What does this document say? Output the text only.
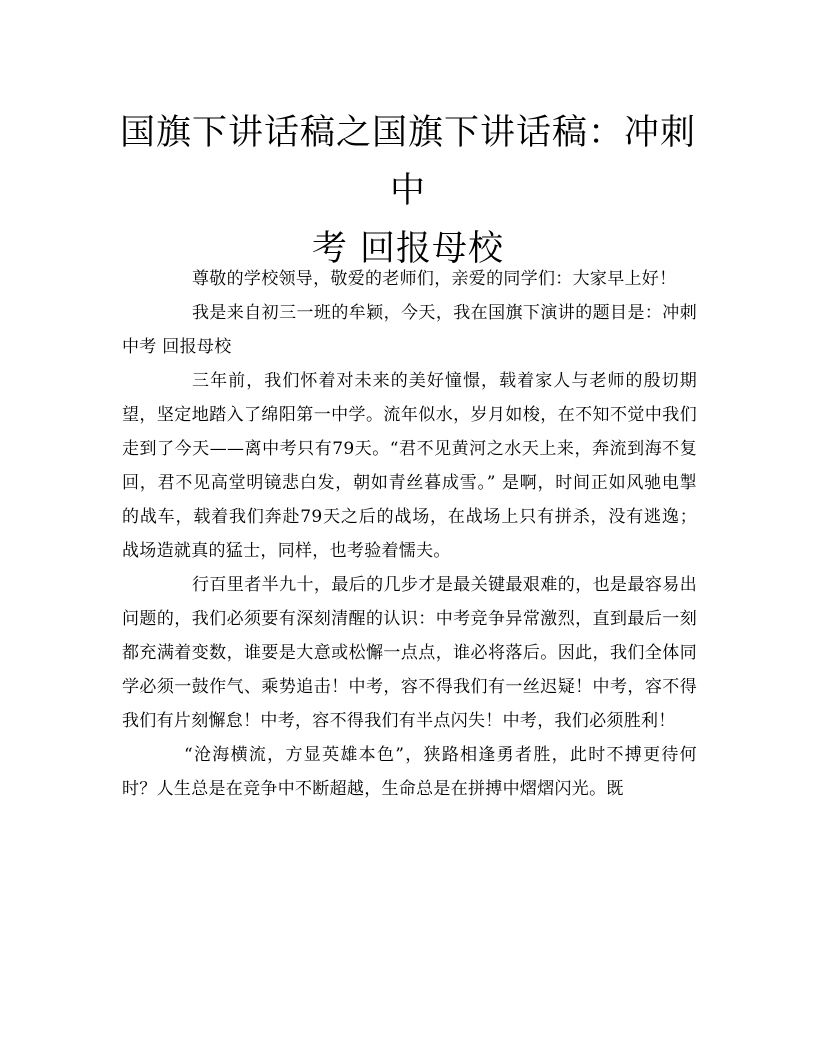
国旗下讲话稿之国旗下讲话稿：冲刺中
考 回报母校

尊敬的学校领导，敬爱的老师们，亲爱的同学们：大家早上好！

我是来自初三一班的牟颖，今天，我在国旗下演讲的题目是：冲刺中考 回报母校

三年前，我们怀着对未来的美好憧憬，载着家人与老师的殷切期望，坚定地踏入了绵阳第一中学。流年似水，岁月如梭，在不知不觉中我们走到了今天——离中考只有79天。“君不见黄河之水天上来，奔流到海不复回，君不见高堂明镜悲白发，朝如青丝暮成雪。” 是啊，时间正如风驰电掣的战车，载着我们奔赴79天之后的战场，在战场上只有拼杀，没有逃逸；战场造就真的猛士，同样，也考验着懦夫。

行百里者半九十，最后的几步才是最关键最艰难的，也是最容易出问题的，我们必须要有深刻清醒的认识：中考竞争异常激烈，直到最后一刻都充满着变数，谁要是大意或松懈一点点，谁必将落后。因此，我们全体同学必须一鼓作气、乘势追击！中考，容不得我们有一丝迟疑！中考，容不得我们有片刻懈怠！中考，容不得我们有半点闪失！中考，我们必须胜利！

“沧海横流，方显英雄本色”，狭路相逢勇者胜，此时不搏更待何时？人生总是在竞争中不断超越，生命总是在拼搏中熠熠闪光。既
